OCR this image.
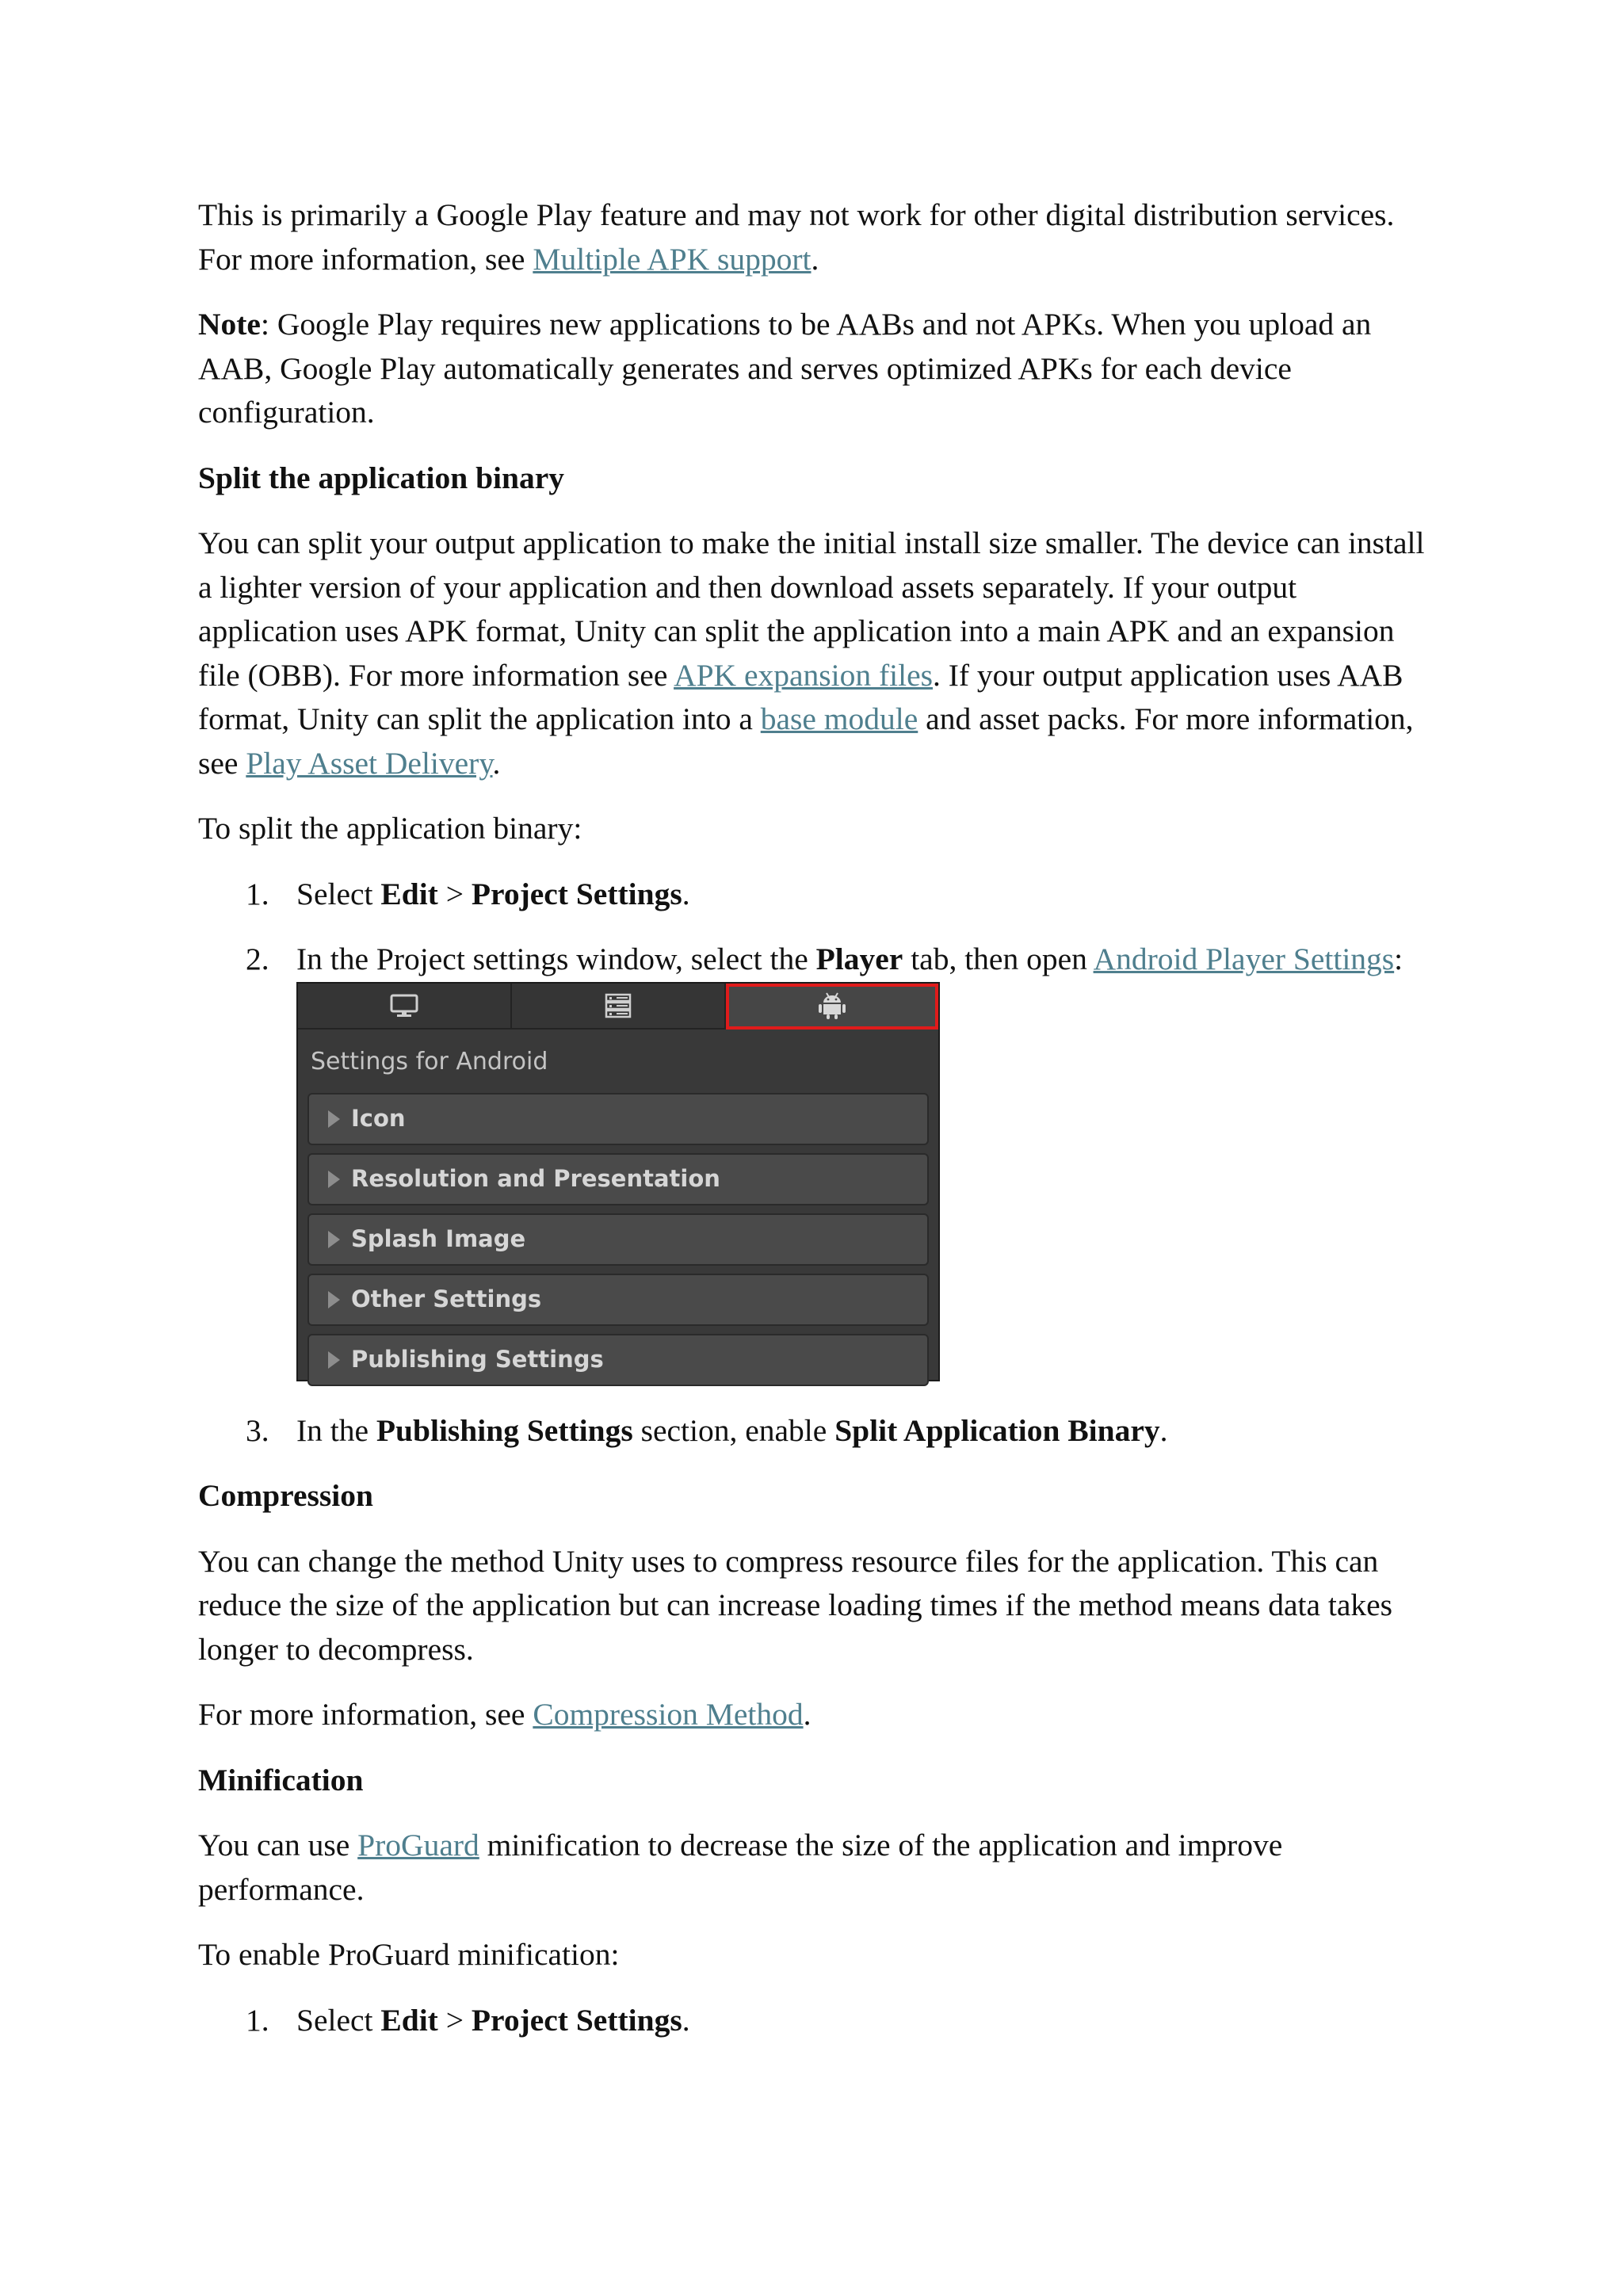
This is primarily a Google Play feature and may not work for other digital distribution services. For more information, see Multiple APK support.

Note: Google Play requires new applications to be AABs and not APKs. When you upload an AAB, Google Play automatically generates and serves optimized APKs for each device configuration.

Split the application binary

You can split your output application to make the initial install size smaller. The device can install a lighter version of your application and then download assets separately. If your output application uses APK format, Unity can split the application into a main APK and an expansion file (OBB). For more information see APK expansion files. If your output application uses AAB format, Unity can split the application into a base module and asset packs. For more information, see Play Asset Delivery.

To split the application binary:

1. Select Edit > Project Settings.
2. In the Project settings window, select the Player tab, then open Android Player Settings:
Settings for Android
Icon
Resolution and Presentation
Splash Image
Other Settings
Publishing Settings
3. In the Publishing Settings section, enable Split Application Binary.
Compression

You can change the method Unity uses to compress resource files for the application. This can reduce the size of the application but can increase loading times if the method means data takes longer to decompress.

For more information, see Compression Method.

Minification

You can use ProGuard minification to decrease the size of the application and improve performance.

To enable ProGuard minification:

1. Select Edit > Project Settings.
